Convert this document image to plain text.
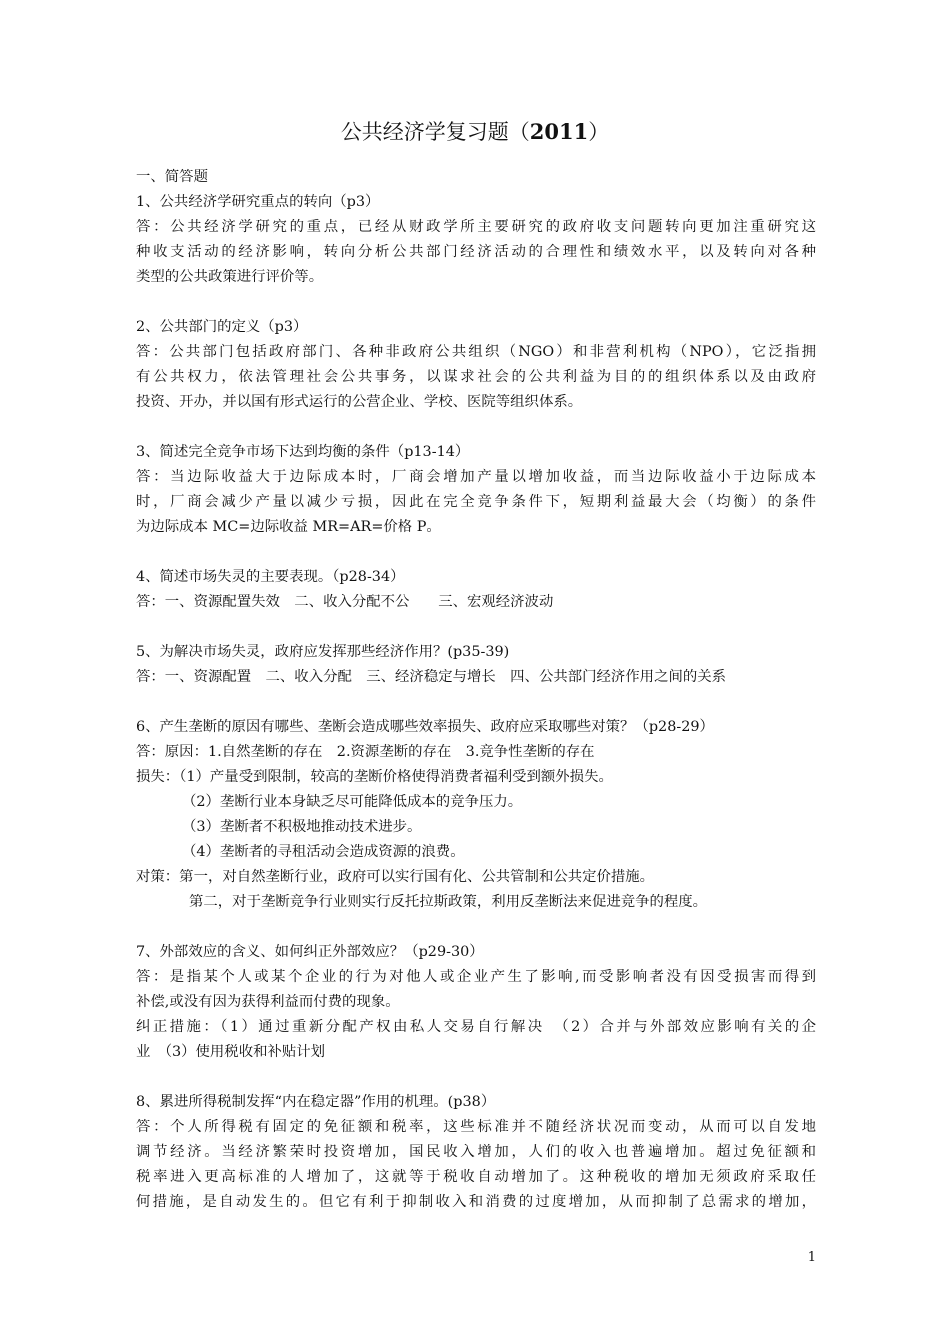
公共经济学复习题（2011）
一、简答题
1、公共经济学研究重点的转向（p3）
答：公共经济学研究的重点，已经从财政学所主要研究的政府收支问题转向更加注重研究这
种收支活动的经济影响，转向分析公共部门经济活动的合理性和绩效水平，以及转向对各种
类型的公共政策进行评价等。
2、公共部门的定义（p3）
答：公共部门包括政府部门、各种非政府公共组织（NGO）和非营利机构（NPO），它泛指拥
有公共权力，依法管理社会公共事务，以谋求社会的公共利益为目的的组织体系以及由政府
投资、开办，并以国有形式运行的公营企业、学校、医院等组织体系。
3、简述完全竞争市场下达到均衡的条件（p13-14）
答：当边际收益大于边际成本时，厂商会增加产量以增加收益，而当边际收益小于边际成本
时，厂商会减少产量以减少亏损，因此在完全竞争条件下，短期利益最大会（均衡）的条件
为边际成本 MC=边际收益 MR=AR=价格 P。
4、简述市场失灵的主要表现。（p28-34）
答：一、资源配置失效　二、收入分配不公　　三、宏观经济波动
5、为解决市场失灵，政府应发挥那些经济作用？(p35-39)
答：一、资源配置　二、收入分配　三、经济稳定与增长　四、公共部门经济作用之间的关系
6、产生垄断的原因有哪些、垄断会造成哪些效率损失、政府应采取哪些对策？（p28-29）
答：原因：1.自然垄断的存在　2.资源垄断的存在　3.竞争性垄断的存在
损失：（1）产量受到限制，较高的垄断价格使得消费者福利受到额外损失。
（2）垄断行业本身缺乏尽可能降低成本的竞争压力。
（3）垄断者不积极地推动技术进步。
（4）垄断者的寻租活动会造成资源的浪费。
对策：第一，对自然垄断行业，政府可以实行国有化、公共管制和公共定价措施。
第二，对于垄断竞争行业则实行反托拉斯政策，利用反垄断法来促进竞争的程度。
7、外部效应的含义、如何纠正外部效应？（p29-30）
答：是指某个人或某个企业的行为对他人或企业产生了影响,而受影响者没有因受损害而得到
补偿,或没有因为获得利益而付费的现象。
纠正措施：（1）通过重新分配产权由私人交易自行解决　（2）合并与外部效应影响有关的企
业　（3）使用税收和补贴计划
8、累进所得税制发挥“内在稳定器”作用的机理。(p38）
答：个人所得税有固定的免征额和税率，这些标准并不随经济状况而变动，从而可以自发地
调节经济。当经济繁荣时投资增加，国民收入增加，人们的收入也普遍增加。超过免征额和
税率进入更高标准的人增加了，这就等于税收自动增加了。这种税收的增加无须政府采取任
何措施，是自动发生的。但它有利于抑制收入和消费的过度增加，从而抑制了总需求的增加，
1
